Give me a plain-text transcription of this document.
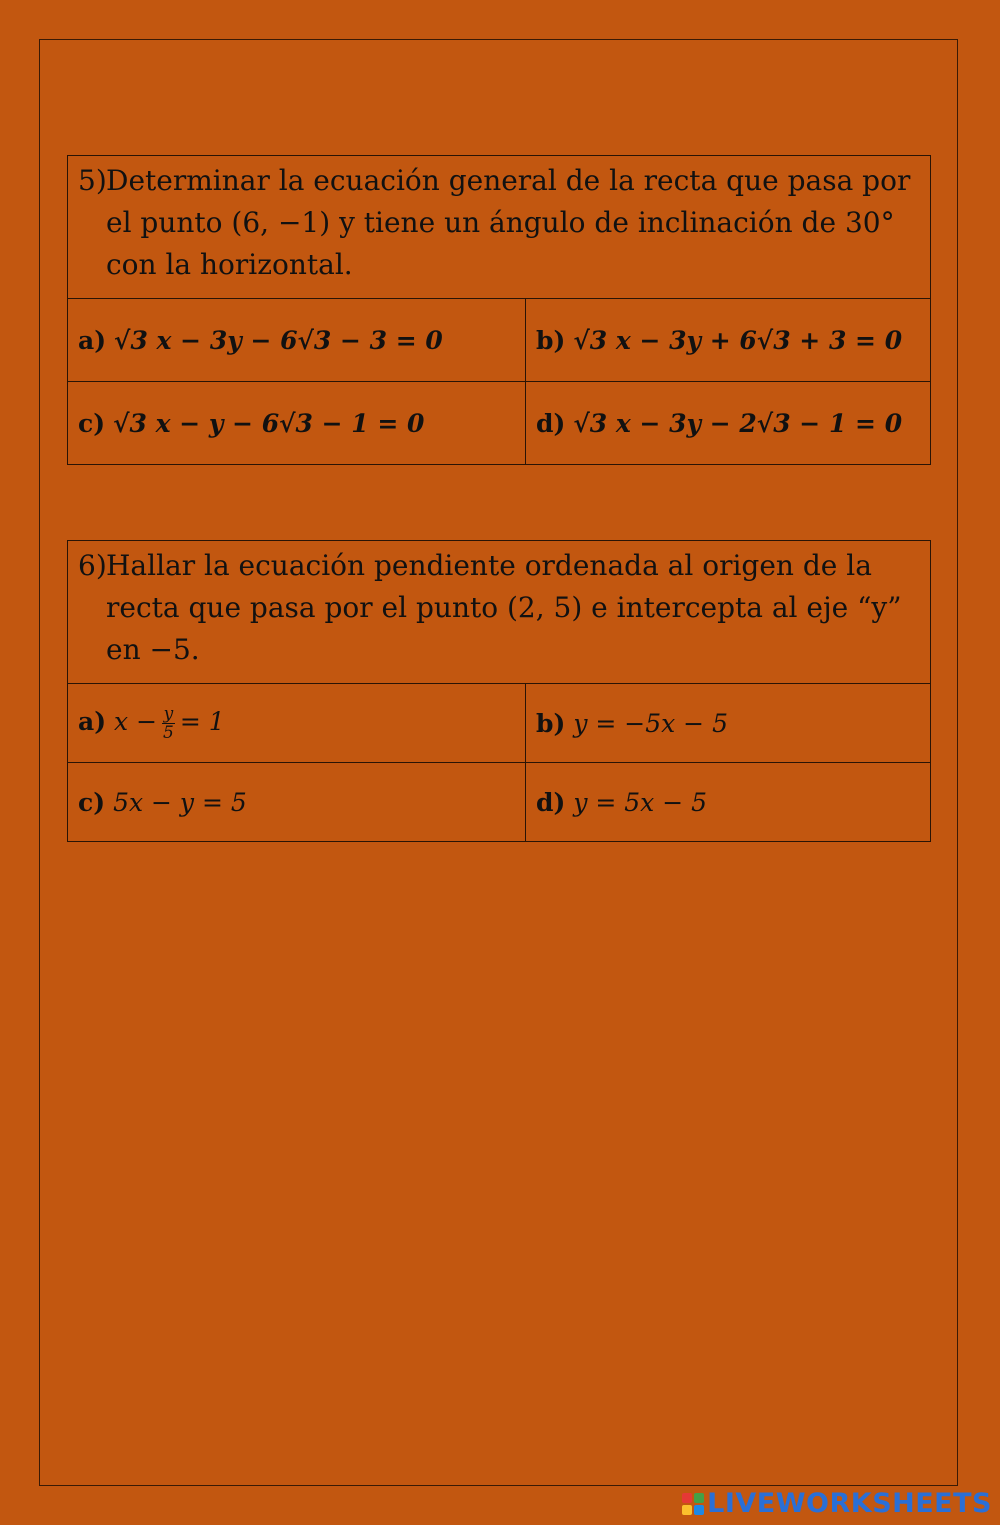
5) Determinar la ecuación general de la recta que pasa por el punto (6, −1) y tiene un ángulo de inclinación de 30° con la horizontal.	

a) √3 x − 3y − 6√3 − 3 = 0	b) √3 x − 3y + 6√3 + 3 = 0
c) √3 x − y − 6√3 − 1 = 0	d) √3 x − 3y − 2√3 − 1 = 0
6) Hallar la ecuación pendiente ordenada al origen de la recta que pasa por el punto (2, 5) e intercepta al eje “y” en −5.	

a) $x - \frac{y}{5} = 1$	b) y = −5x − 5
c) 5x − y = 5	d) y = 5x − 5
LIVEWORKSHEETS
